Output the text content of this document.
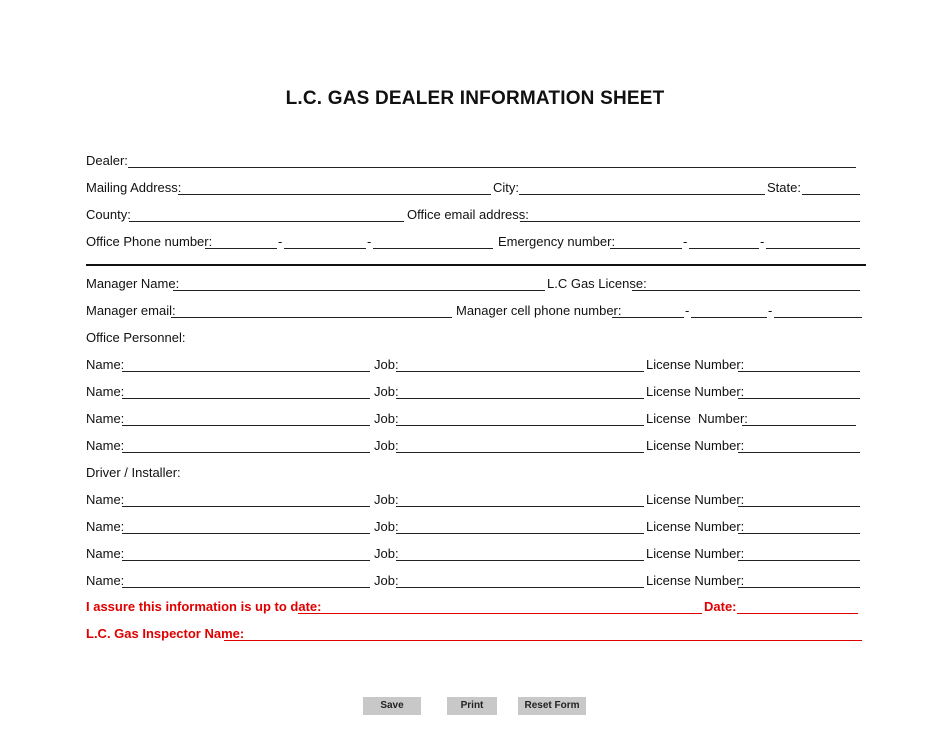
L.C. GAS DEALER INFORMATION SHEET
Dealer:
Mailing Address:	City:	State:
County:	Office email address:
Office Phone number:	-	-	Emergency number:	-	-
Manager Name:	L.C Gas License:
Manager email:	Manager cell phone number:	-	-
Office Personnel:
Name:	Job:	License Number:
Name:	Job:	License Number:
Name:	Job:	License  Number:
Name:	Job:	License Number:
Driver / Installer:
Name:	Job:	License Number:
Name:	Job:	License Number:
Name:	Job:	License Number:
Name:	Job:	License Number:
I assure this information is up to date:	Date:
L.C. Gas Inspector Name:
Save	Print	Reset Form
